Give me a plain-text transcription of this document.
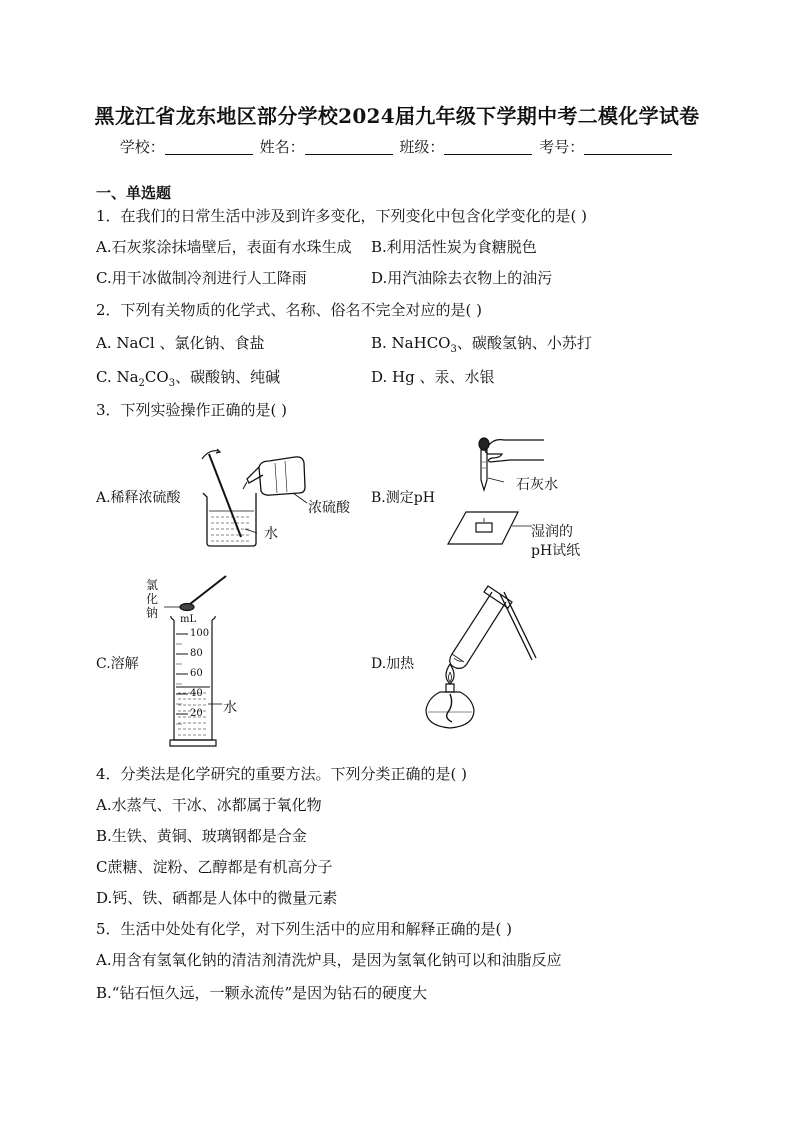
黑龙江省龙东地区部分学校2024届九年级下学期中考二模化学试卷
学校：	姓名：	班级：	考号：
一、单选题
1．在我们的日常生活中涉及到许多变化，下列变化中包含化学变化的是( )
A.石灰浆涂抹墙壁后，表面有水珠生成 B.利用活性炭为食糖脱色
C.用干冰做制冷剂进行人工降雨	D.用汽油除去衣物上的油污
2．下列有关物质的化学式、名称、俗名不完全对应的是( )
A. NaCl 、氯化钠、食盐	B. NaHCO$_3$、碳酸氢钠、小苏打
C. $Na_2CO_3$、碳酸钠、纯碱	D. Hg 、汞、水银
3．下列实验操作正确的是( )
A.稀释浓硫酸
浓硫酸
水
B.测定pH
石灰水
湿润的
pH试纸
C.溶解
氯
化
钠 mL
100
80
60
40
20 水
D.加热
4．分类法是化学研究的重要方法。下列分类正确的是( )
A.水蒸气、干冰、冰都属于氧化物
B.生铁、黄铜、玻璃钢都是合金
C蔗糖、淀粉、乙醇都是有机高分子
D.钙、铁、硒都是人体中的微量元素
5．生活中处处有化学，对下列生活中的应用和解释正确的是( )
A.用含有氢氧化钠的清洁剂清洗炉具，是因为氢氧化钠可以和油脂反应
B.“钻石恒久远，一颗永流传”是因为钻石的硬度大
